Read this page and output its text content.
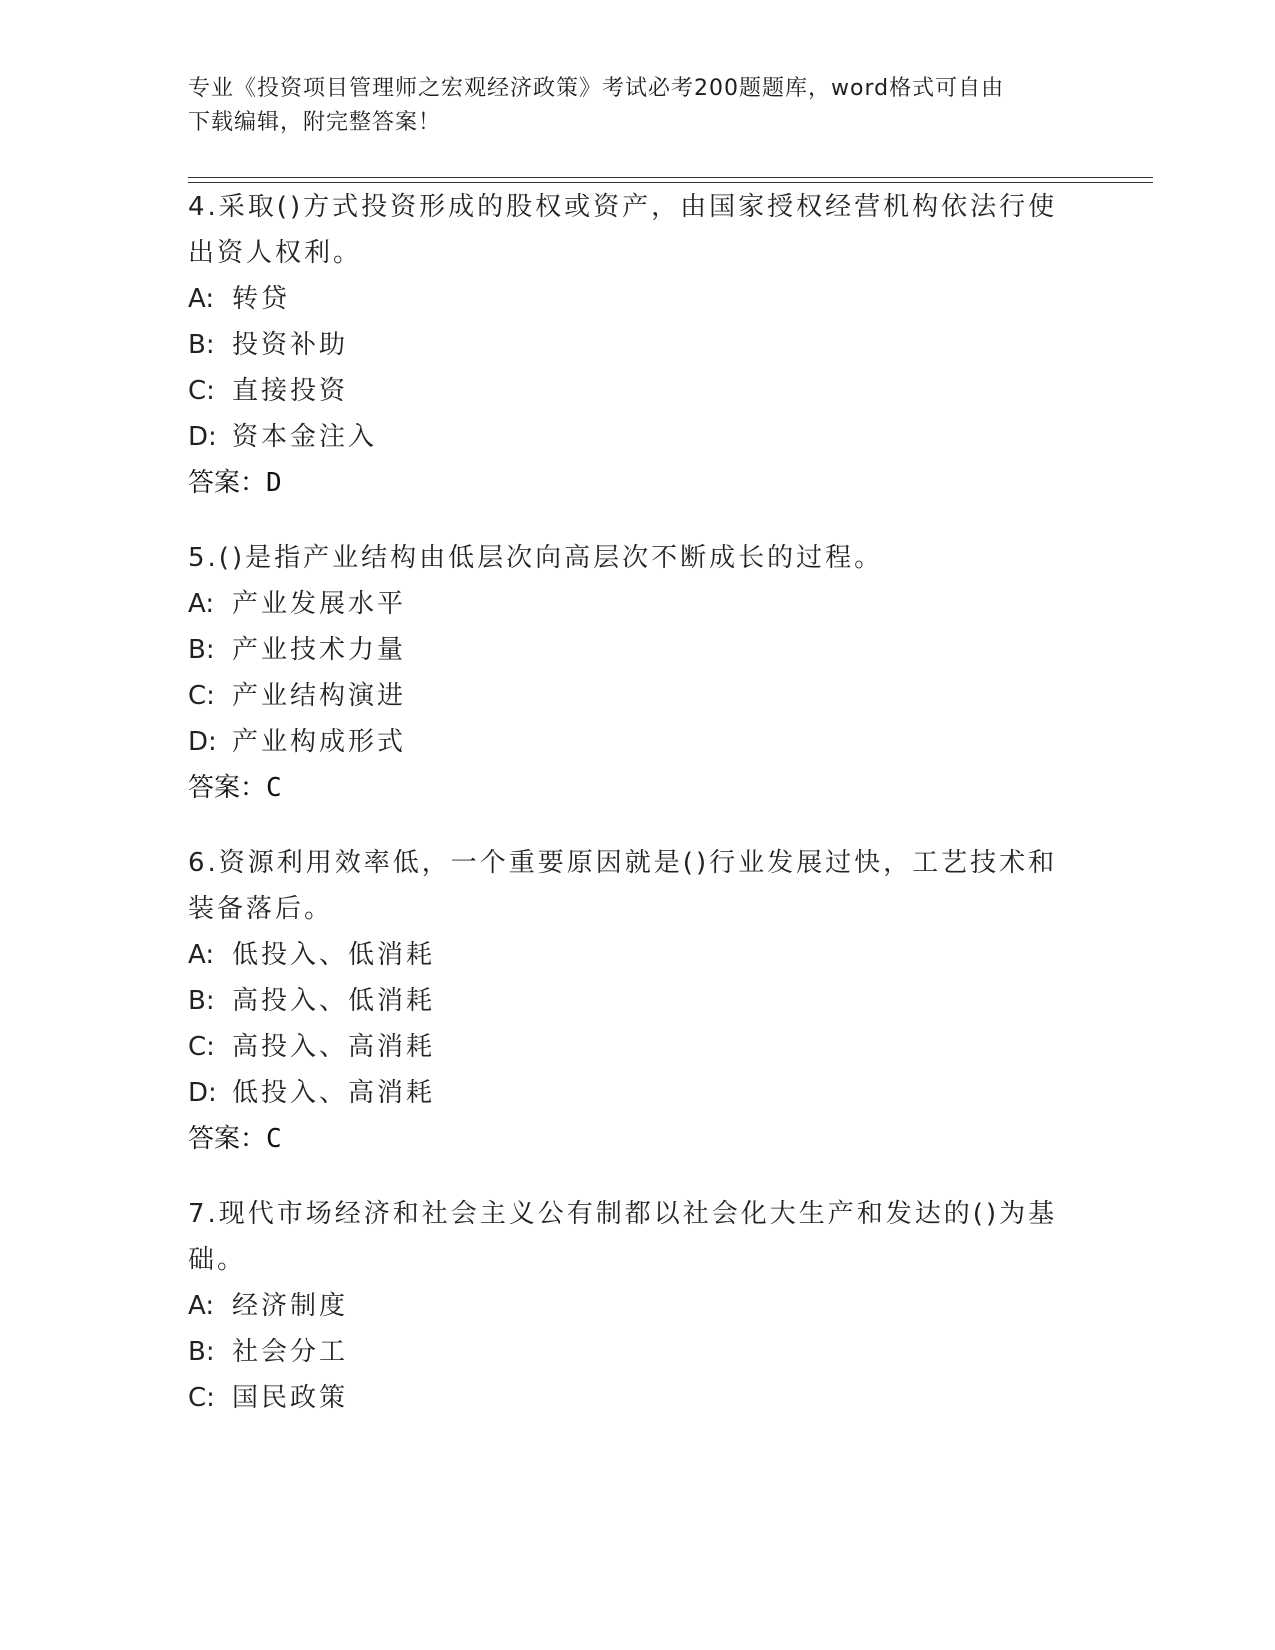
专业《投资项目管理师之宏观经济政策》考试必考200题题库，word格式可自由
下载编辑，附完整答案！

4.采取()方式投资形成的股权或资产，由国家授权经营机构依法行使出资人权利。

A: 转贷

B: 投资补助

C: 直接投资

D: 资本金注入

答案：D

5.()是指产业结构由低层次向高层次不断成长的过程。

A: 产业发展水平

B: 产业技术力量

C: 产业结构演进

D: 产业构成形式

答案：C

6.资源利用效率低，一个重要原因就是()行业发展过快，工艺技术和装备落后。

A: 低投入、低消耗

B: 高投入、低消耗

C: 高投入、高消耗

D: 低投入、高消耗

答案：C

7.现代市场经济和社会主义公有制都以社会化大生产和发达的()为基础。

A: 经济制度

B: 社会分工

C: 国民政策
